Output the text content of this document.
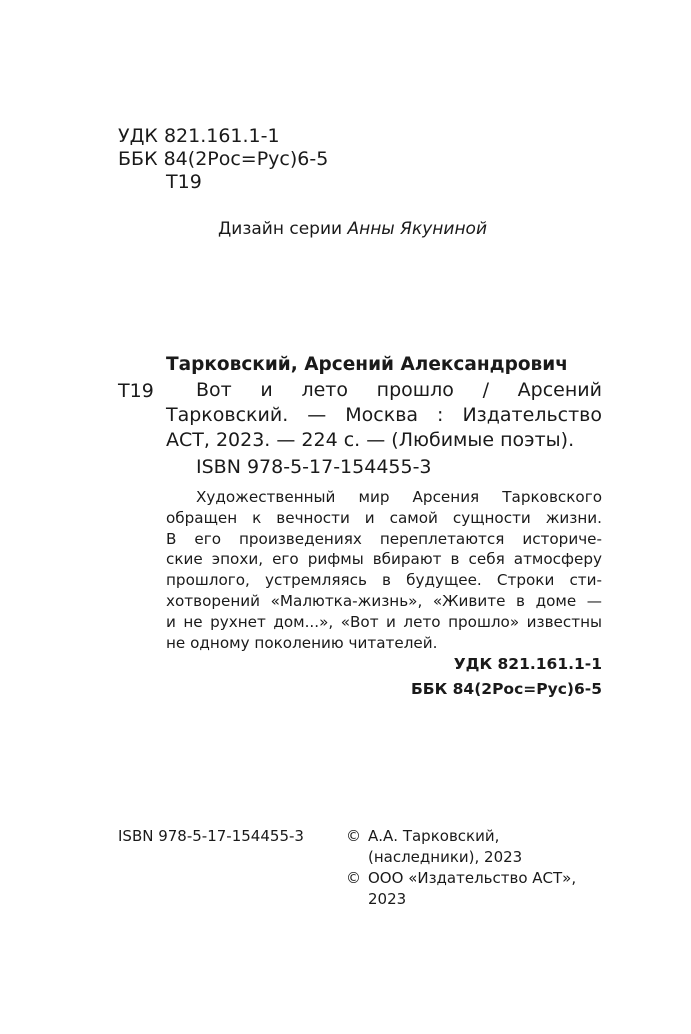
УДК 821.161.1-1
ББК 84(2Рос=Рус)6-5
Т19
Дизайн серии Анны Якуниной
Тарковский, Арсений Александрович
Т19	Вот и лето прошло / Арсений
Тарковский. — Москва : Издательство
АСТ, 2023. — 224 с. — (Любимые поэты).
ISBN 978-5-17-154455-3
Художественный мир Арсения Тарковского
обращен к вечности и самой сущности жизни.
В его произведениях переплетаются историче-
ские эпохи, его рифмы вбирают в себя атмосферу
прошлого, устремляясь в будущее. Строки сти-
хотворений «Малютка-жизнь», «Живите в доме —
и не рухнет дом...», «Вот и лето прошло» известны
не одному поколению читателей.
УДК 821.161.1-1
ББК 84(2Рос=Рус)6-5
ISBN 978-5-17-154455-3	© А.А. Тарковский,
(наследники), 2023
© ООО «Издательство АСТ»,
2023
